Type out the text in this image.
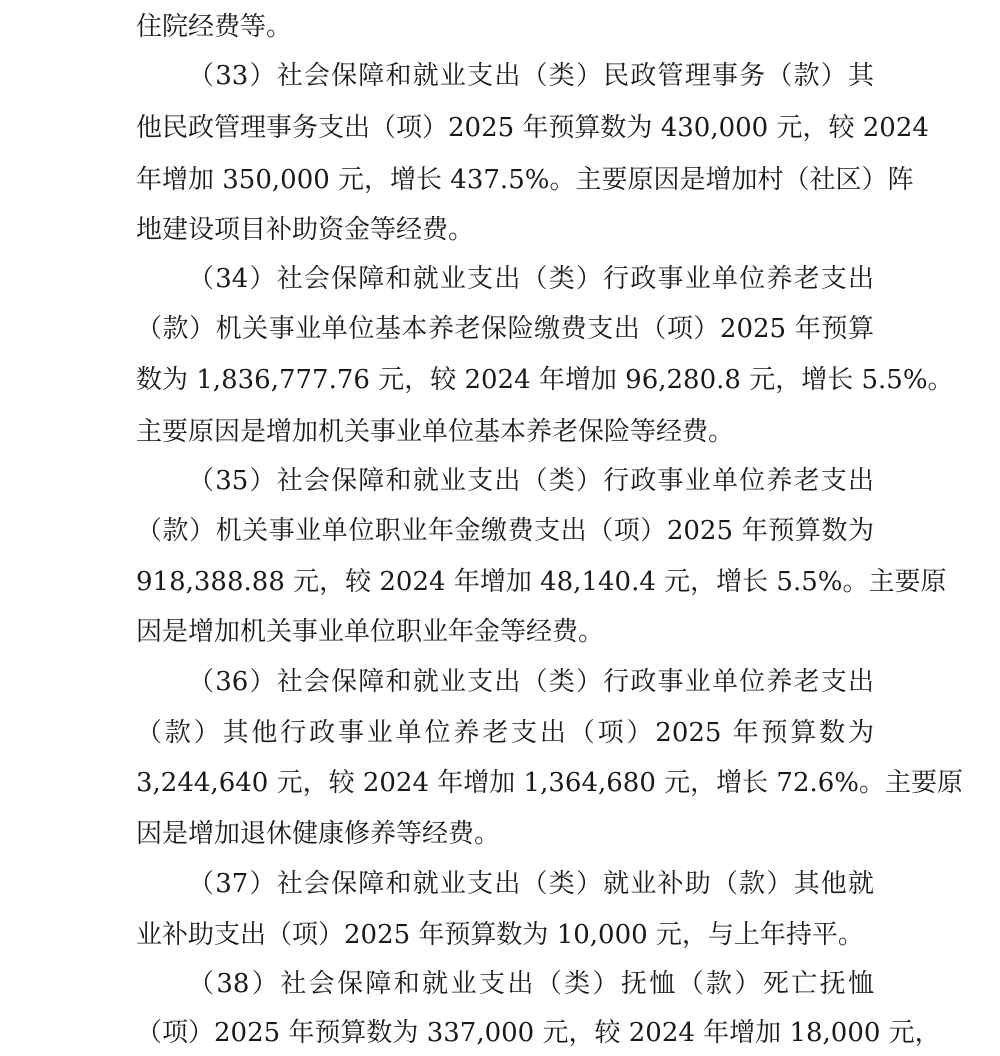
住院经费等。
（33）社会保障和就业支出（类）民政管理事务（款）其
他民政管理事务支出（项）2025 年预算数为 430,000 元，较 2024
年增加 350,000 元，增长 437.5%。主要原因是增加村（社区）阵
地建设项目补助资金等经费。
（34）社会保障和就业支出（类）行政事业单位养老支出
（款）机关事业单位基本养老保险缴费支出（项）2025 年预算
数为 1,836,777.76 元，较 2024 年增加 96,280.8 元，增长 5.5%。
主要原因是增加机关事业单位基本养老保险等经费。
（35）社会保障和就业支出（类）行政事业单位养老支出
（款）机关事业单位职业年金缴费支出（项）2025 年预算数为
918,388.88 元，较 2024 年增加 48,140.4 元，增长 5.5%。主要原
因是增加机关事业单位职业年金等经费。
（36）社会保障和就业支出（类）行政事业单位养老支出
（款）其他行政事业单位养老支出（项）2025 年预算数为
3,244,640 元，较 2024 年增加 1,364,680 元，增长 72.6%。主要原
因是增加退休健康修养等经费。
（37）社会保障和就业支出（类）就业补助（款）其他就
业补助支出（项）2025 年预算数为 10,000 元，与上年持平。
（38）社会保障和就业支出（类）抚恤（款）死亡抚恤
（项）2025 年预算数为 337,000 元，较 2024 年增加 18,000 元，
